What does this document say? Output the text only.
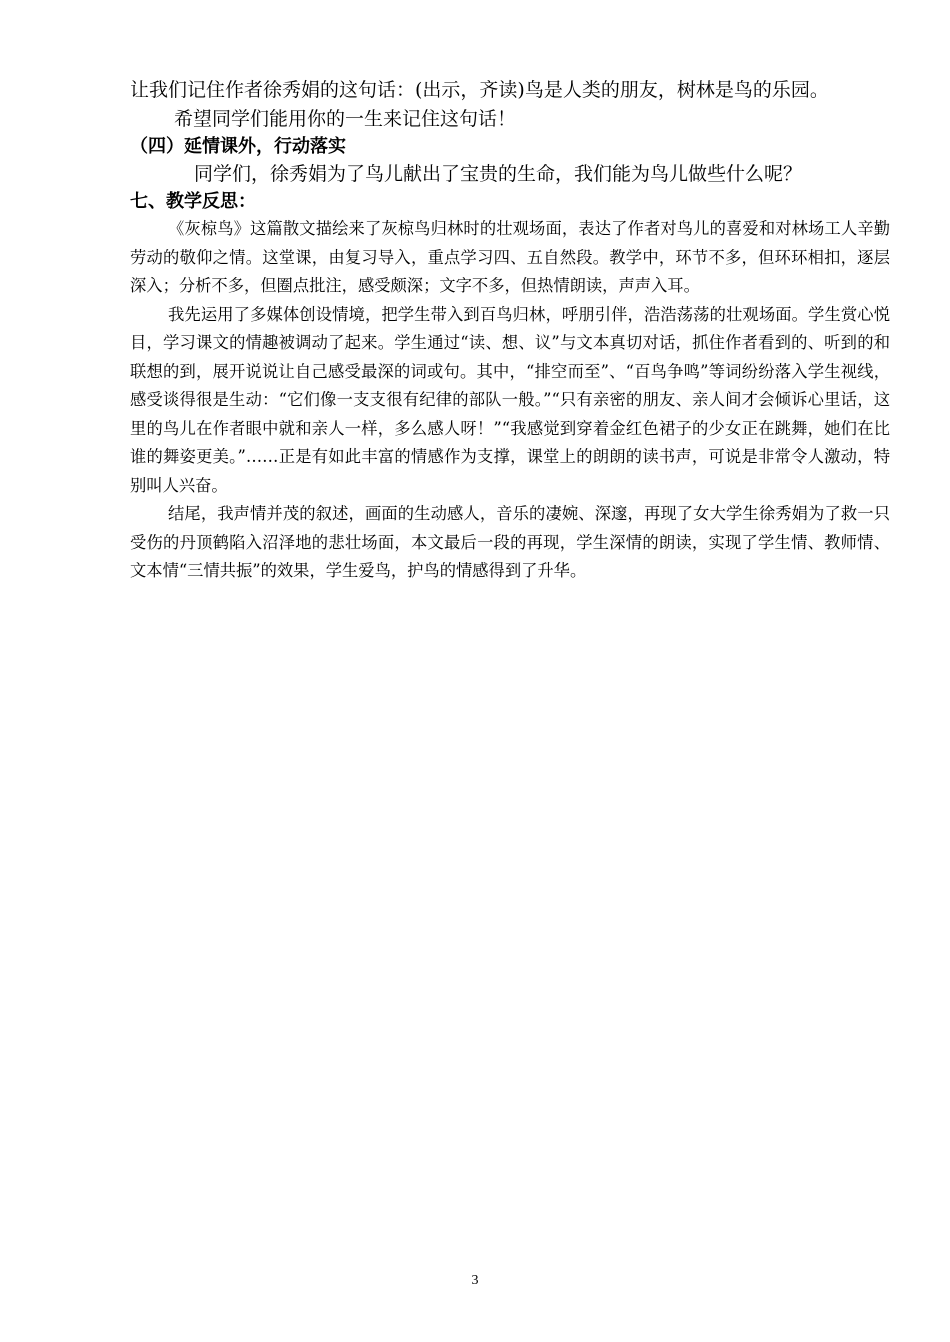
让我们记住作者徐秀娟的这句话：(出示，齐读)鸟是人类的朋友，树林是鸟的乐园。

希望同学们能用你的一生来记住这句话！

（四）延情课外，行动落实

同学们，徐秀娟为了鸟儿献出了宝贵的生命，我们能为鸟儿做些什么呢？

七、教学反思：

《灰椋鸟》这篇散文描绘来了灰椋鸟归林时的壮观场面，表达了作者对鸟儿的喜爱和对林场工人辛勤劳动的敬仰之情。这堂课，由复习导入，重点学习四、五自然段。教学中，环节不多，但环环相扣，逐层深入；分析不多，但圈点批注，感受颇深；文字不多，但热情朗读，声声入耳。

我先运用了多媒体创设情境，把学生带入到百鸟归林，呼朋引伴，浩浩荡荡的壮观场面。学生赏心悦目，学习课文的情趣被调动了起来。学生通过“读、想、议”与文本真切对话，抓住作者看到的、听到的和联想的到，展开说说让自己感受最深的词或句。其中，“排空而至”、“百鸟争鸣”等词纷纷落入学生视线，感受谈得很是生动：“它们像一支支很有纪律的部队一般。”“只有亲密的朋友、亲人间才会倾诉心里话，这里的鸟儿在作者眼中就和亲人一样，多么感人呀！”“我感觉到穿着金红色裙子的少女正在跳舞，她们在比谁的舞姿更美。”……正是有如此丰富的情感作为支撑，课堂上的朗朗的读书声，可说是非常令人激动，特别叫人兴奋。

结尾，我声情并茂的叙述，画面的生动感人，音乐的凄婉、深邃，再现了女大学生徐秀娟为了救一只受伤的丹顶鹤陷入沼泽地的悲壮场面，本文最后一段的再现，学生深情的朗读，实现了学生情、教师情、文本情“三情共振”的效果，学生爱鸟，护鸟的情感得到了升华。

3
